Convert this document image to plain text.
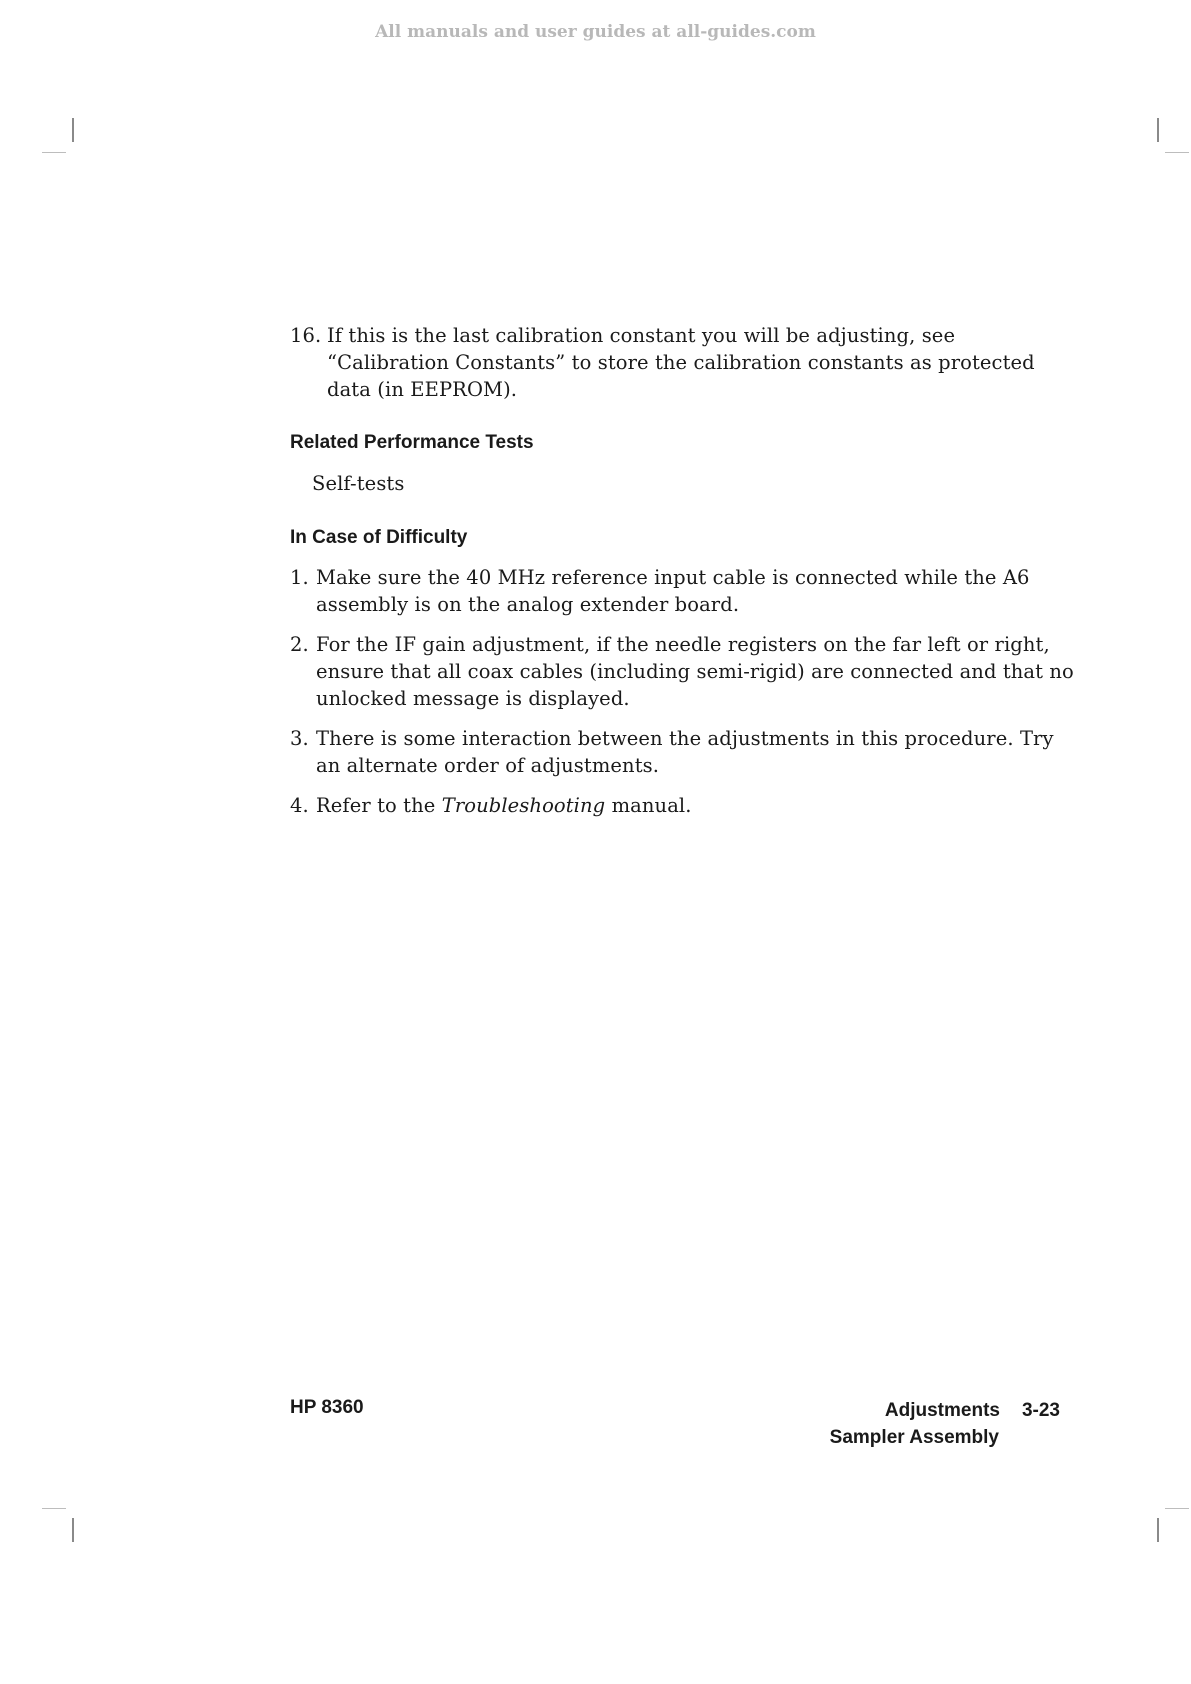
All manuals and user guides at all-guides.com
16. If this is the last calibration constant you will be adjusting, see “Calibration Constants” to store the calibration constants as protected data (in EEPROM).
Related Performance Tests
Self-tests
In Case of Difficulty
1. Make sure the 40 MHz reference input cable is connected while the A6 assembly is on the analog extender board.
2. For the IF gain adjustment, if the needle registers on the far left or right, ensure that all coax cables (including semi-rigid) are connected and that no unlocked message is displayed.
3. There is some interaction between the adjustments in this procedure. Try an alternate order of adjustments.
4. Refer to the Troubleshooting manual.
HP 8360	Adjustments 3-23
Sampler Assembly
